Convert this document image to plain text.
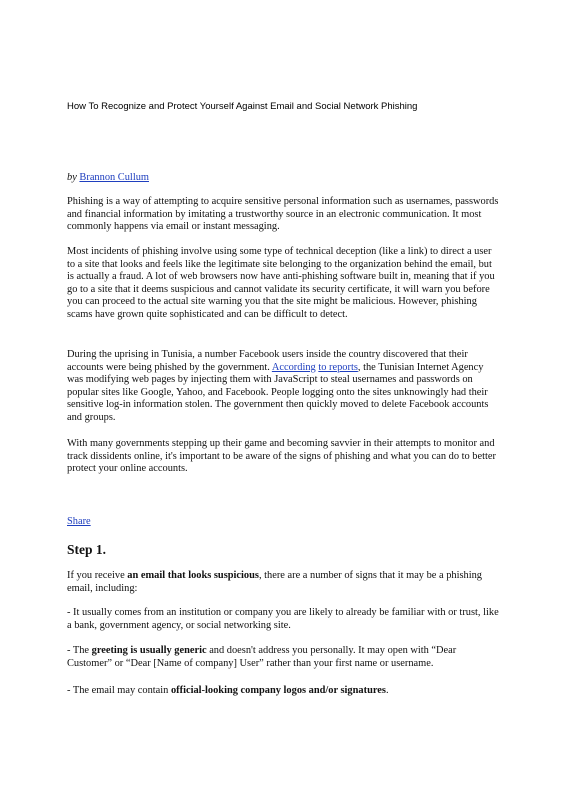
How To Recognize and Protect Yourself Against Email and Social Network Phishing
by Brannon Cullum
Phishing is a way of attempting to acquire sensitive personal information such as usernames, passwords and financial information by imitating a trustworthy source in an electronic communication. It most commonly happens via email or instant messaging.
Most incidents of phishing involve using some type of technical deception (like a link) to direct a user to a site that looks and feels like the legitimate site belonging to the organization behind the email, but is actually a fraud. A lot of web browsers now have anti-phishing software built in, meaning that if you go to a site that it deems suspicious and cannot validate its security certificate, it will warn you before you can proceed to the actual site warning you that the site might be malicious. However, phishing scams have grown quite sophisticated and can be difficult to detect.
During the uprising in Tunisia, a number Facebook users inside the country discovered that their accounts were being phished by the government. According to reports, the Tunisian Internet Agency was modifying web pages by injecting them with JavaScript to steal usernames and passwords on popular sites like Google, Yahoo, and Facebook. People logging onto the sites unknowingly had their sensitive log-in information stolen. The government then quickly moved to delete Facebook accounts and groups.
With many governments stepping up their game and becoming savvier in their attempts to monitor and track dissidents online, it's important to be aware of the signs of phishing and what you can do to better protect your online accounts.
Share
Step 1.
If you receive an email that looks suspicious, there are a number of signs that it may be a phishing email, including:
- It usually comes from an institution or company you are likely to already be familiar with or trust, like a bank, government agency, or social networking site.
- The greeting is usually generic and doesn't address you personally. It may open with “Dear Customer” or “Dear [Name of company] User” rather than your first name or username.
- The email may contain official-looking company logos and/or signatures.
